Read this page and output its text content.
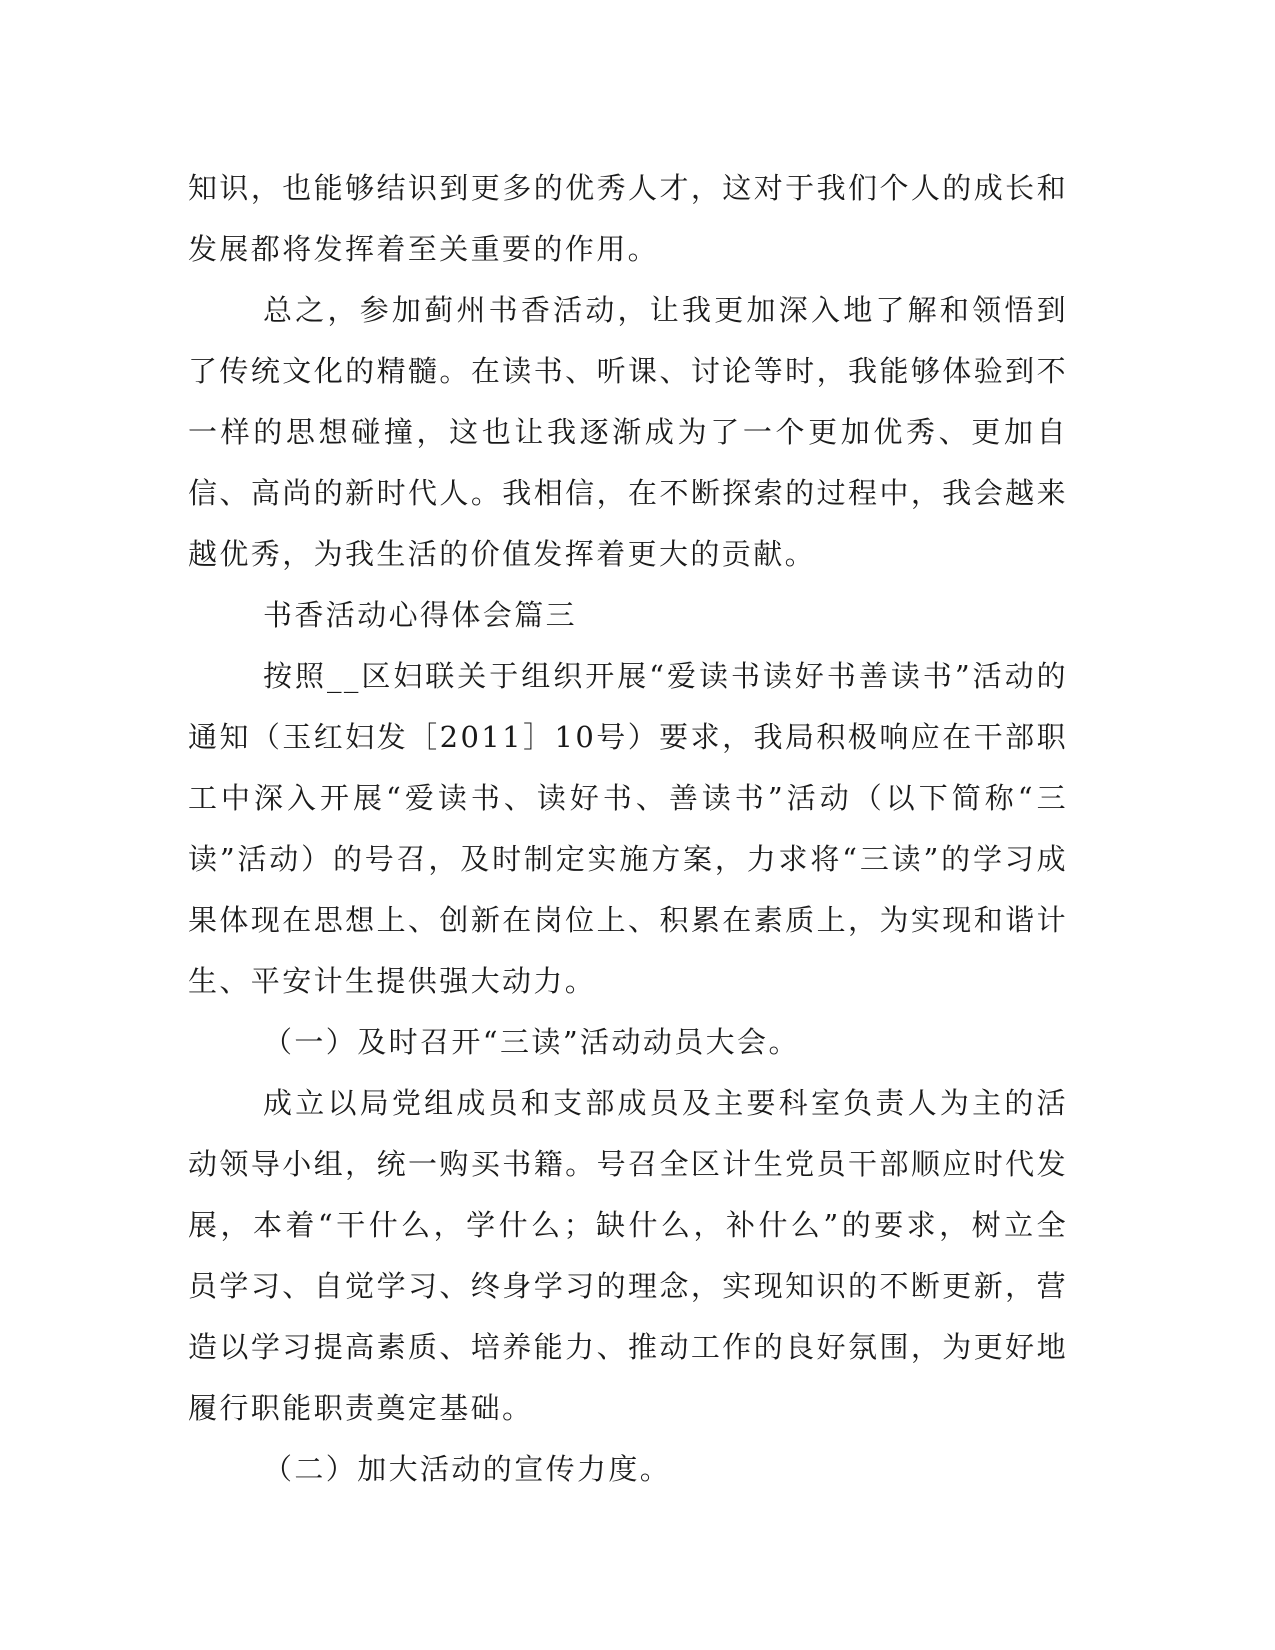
知识，也能够结识到更多的优秀人才，这对于我们个人的成长和发展都将发挥着至关重要的作用。

总之，参加蓟州书香活动，让我更加深入地了解和领悟到了传统文化的精髓。在读书、听课、讨论等时，我能够体验到不一样的思想碰撞，这也让我逐渐成为了一个更加优秀、更加自信、高尚的新时代人。我相信，在不断探索的过程中，我会越来越优秀，为我生活的价值发挥着更大的贡献。

书香活动心得体会篇三

按照__区妇联关于组织开展“爱读书读好书善读书”活动的通知（玉红妇发［2011］10号）要求，我局积极响应在干部职工中深入开展“爱读书、读好书、善读书”活动（以下简称“三读”活动）的号召，及时制定实施方案，力求将“三读”的学习成果体现在思想上、创新在岗位上、积累在素质上，为实现和谐计生、平安计生提供强大动力。

（一）及时召开“三读”活动动员大会。

成立以局党组成员和支部成员及主要科室负责人为主的活动领导小组，统一购买书籍。号召全区计生党员干部顺应时代发展，本着“干什么，学什么；缺什么，补什么”的要求，树立全员学习、自觉学习、终身学习的理念，实现知识的不断更新，营造以学习提高素质、培养能力、推动工作的良好氛围，为更好地履行职能职责奠定基础。

（二）加大活动的宣传力度。
